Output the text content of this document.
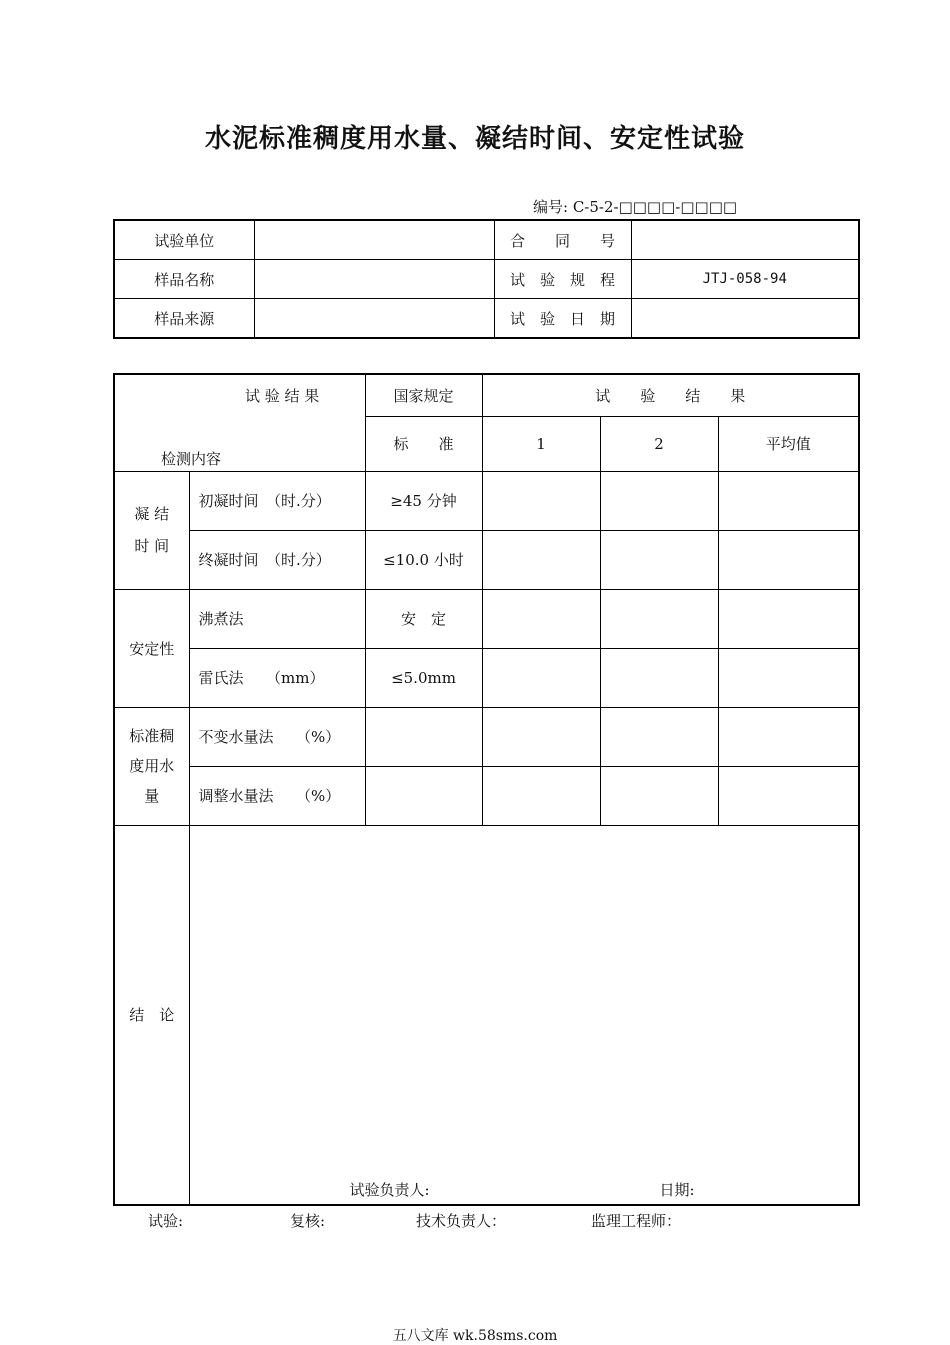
水泥标准稠度用水量、凝结时间、安定性试验
编号: C-5-2-□□□□-□□□□
试验单位		合　　同　　号	
样品名称		试　验　规　程	JTJ-058-94
样品来源		试　验　日　期	
试 验 结 果
检测内容		国家规定	试　　验　　结　　果		
		标　　准	1	2	平均值
凝 结
时 间	初凝时间　（时.分）	≥45 分钟			
	终凝时间　（时.分）	≤10.0 小时			
安定性	沸煮法	安　定			
	雷氏法　　（mm）	≤5.0mm			
标准稠
度用水
量	不变水量法　　（%）				
	调整水量法　　（%）				
结　论	试验负责人: 日期:				
试验:	复核:	技术负责人：	监理工程师：
五八文库 wk.58sms.com
